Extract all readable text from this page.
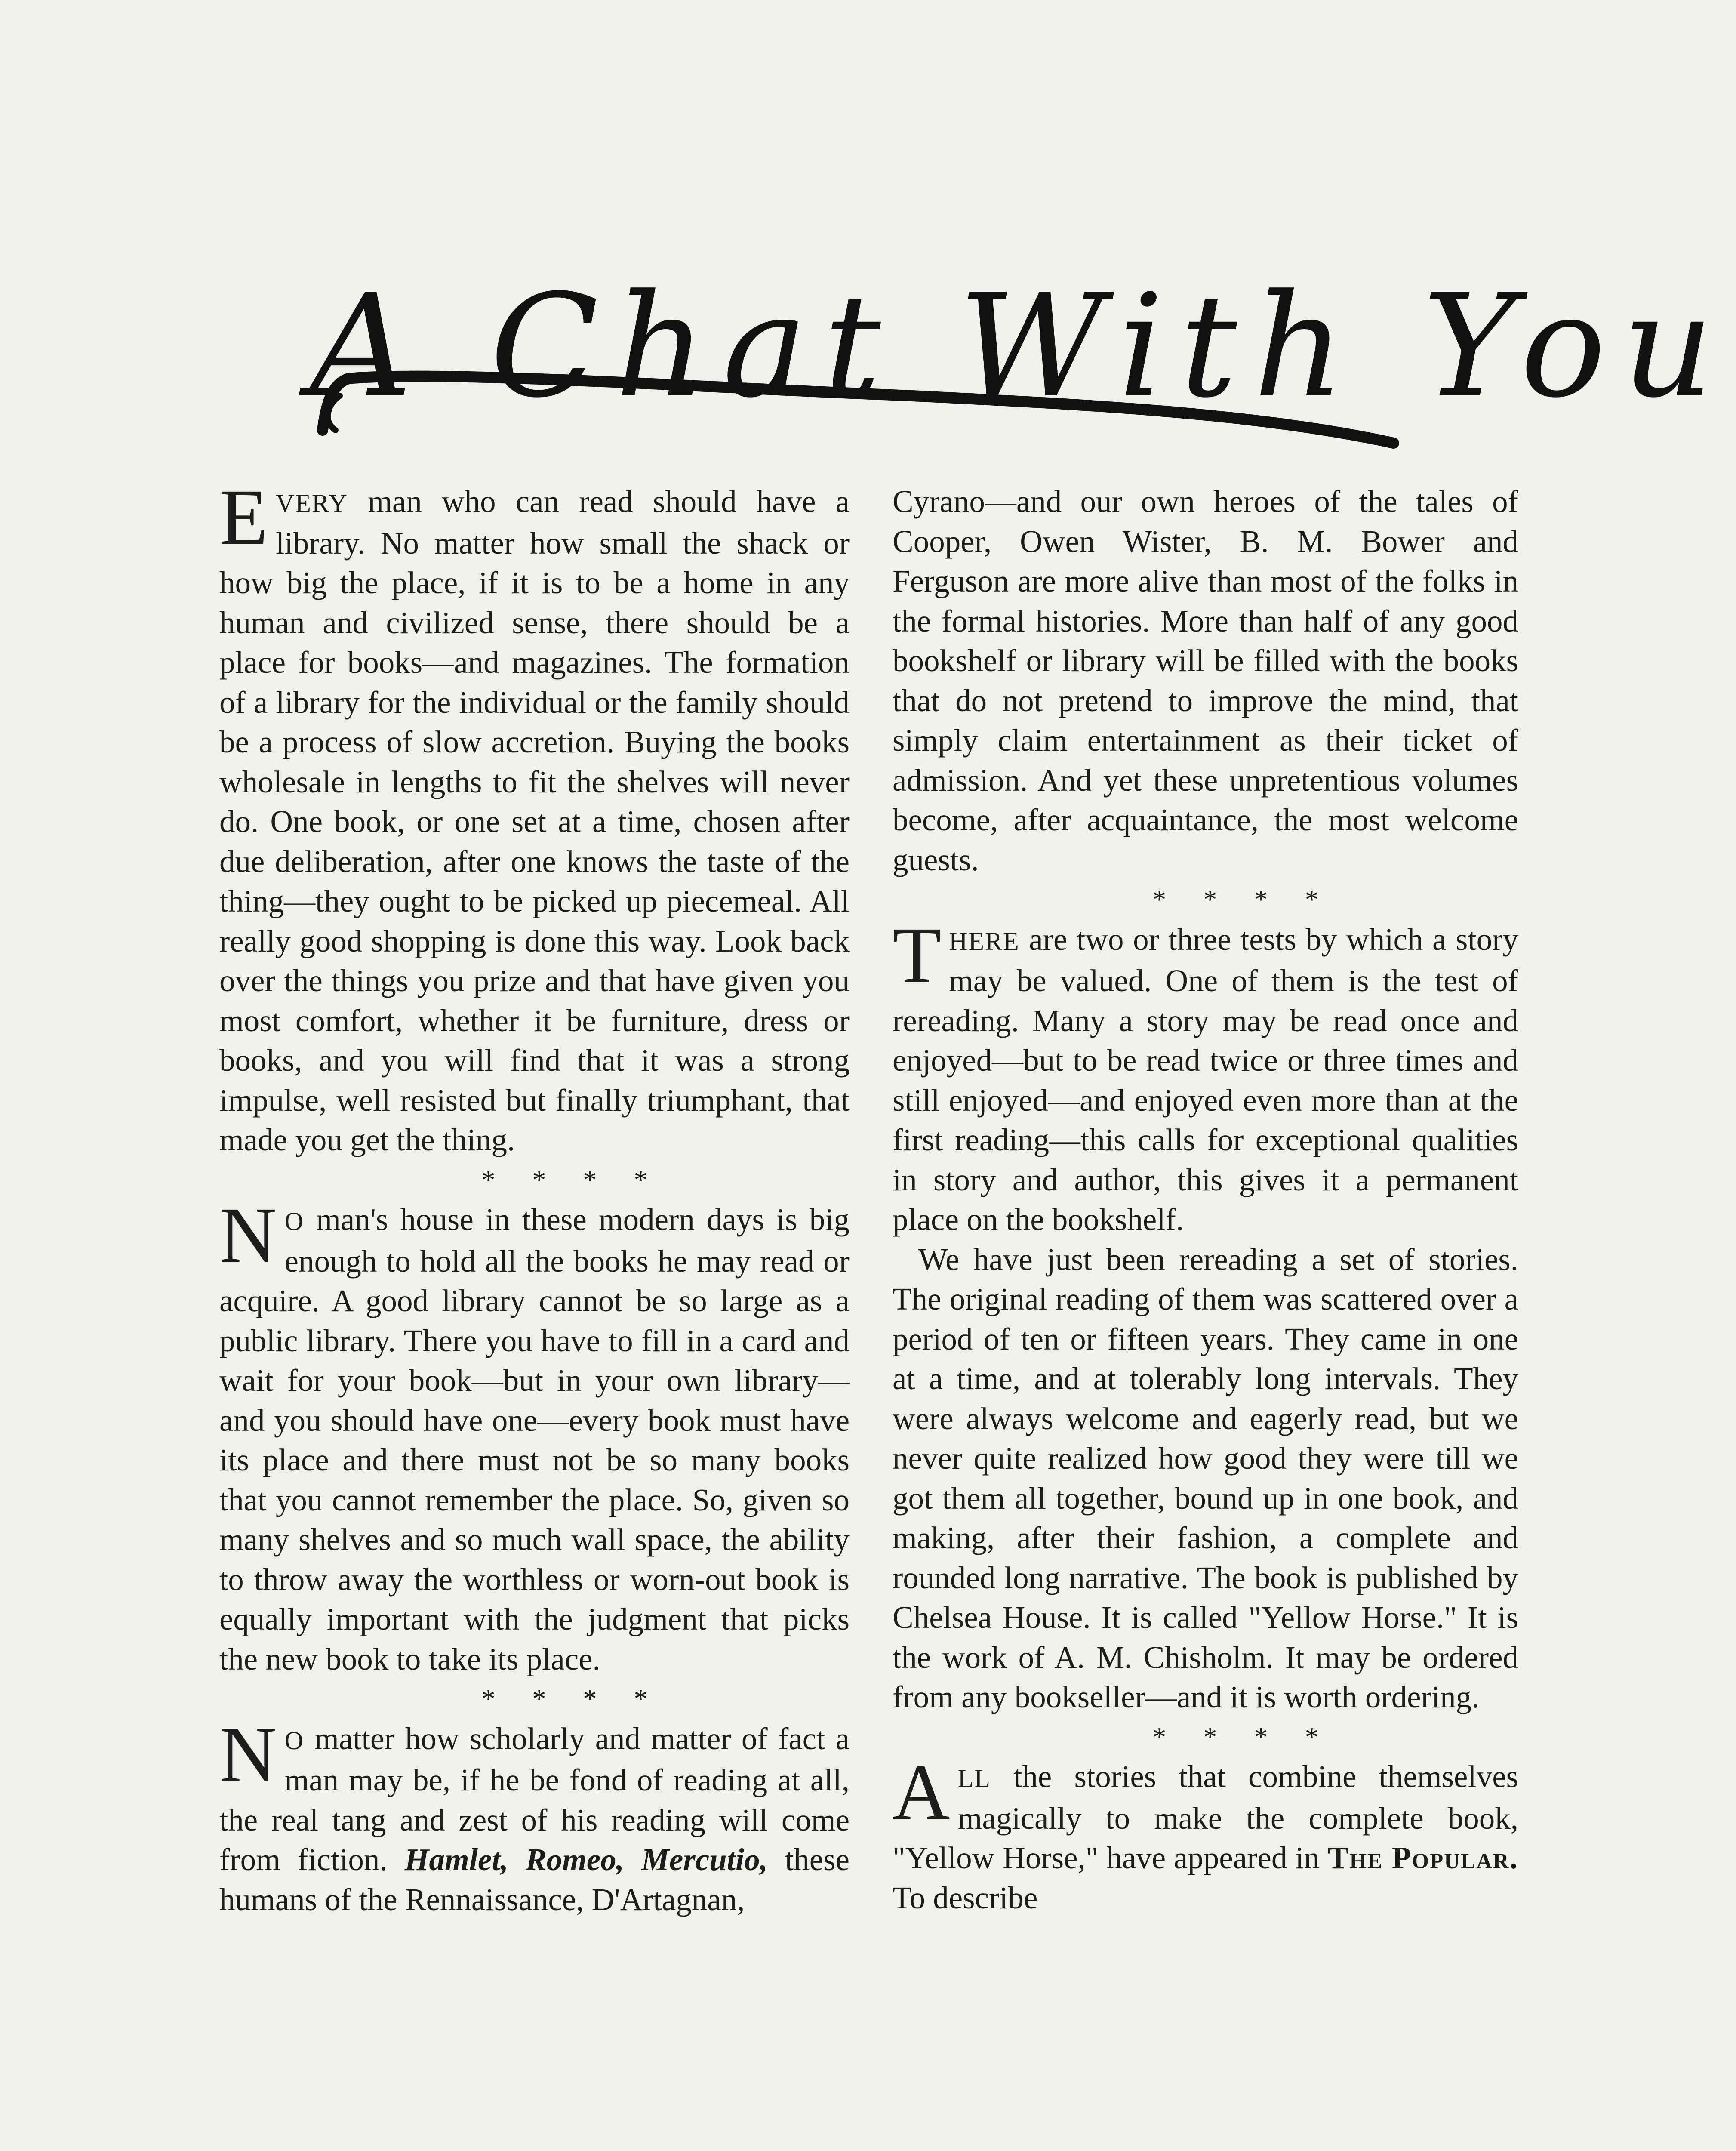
A Chat With You

EVERY man who can read should have a library. No matter how small the shack or how big the place, if it is to be a home in any human and civilized sense, there should be a place for books—and magazines. The formation of a library for the individual or the family should be a process of slow accretion. Buying the books wholesale in lengths to fit the shelves will never do. One book, or one set at a time, chosen after due deliberation, after one knows the taste of the thing—they ought to be picked up piecemeal. All really good shopping is done this way. Look back over the things you prize and that have given you most comfort, whether it be furniture, dress or books, and you will find that it was a strong impulse, well resisted but finally triumphant, that made you get the thing.

* * * *

N O man's house in these modern days is big enough to hold all the books he may read or acquire. A good library cannot be so large as a public library. There you have to fill in a card and wait for your book—but in your own library—and you should have one—every book must have its place and there must not be so many books that you cannot remember the place. So, given so many shelves and so much wall space, the ability to throw away the worthless or worn-out book is equally important with the judgment that picks the new book to take its place.

* * * *

N O matter how scholarly and matter of fact a man may be, if he be fond of reading at all, the real tang and zest of his reading will come from fiction. Hamlet, Romeo, Mercutio, these humans of the Rennaissance, D'Artagnan,

Cyrano—and our own heroes of the tales of Cooper, Owen Wister, B. M. Bower and Ferguson are more alive than most of the folks in the formal histories. More than half of any good bookshelf or library will be filled with the books that do not pretend to improve the mind, that simply claim entertainment as their ticket of admission. And yet these unpretentious volumes become, after acquaintance, the most welcome guests.

* * * *

THERE are two or three tests by which a story may be valued. One of them is the test of rereading. Many a story may be read once and enjoyed—but to be read twice or three times and still enjoyed—and enjoyed even more than at the first reading—this calls for exceptional qualities in story and author, this gives it a permanent place on the bookshelf.

We have just been rereading a set of stories. The original reading of them was scattered over a period of ten or fifteen years. They came in one at a time, and at tolerably long intervals. They were always welcome and eagerly read, but we never quite realized how good they were till we got them all together, bound up in one book, and making, after their fashion, a complete and rounded long narrative. The book is published by Chelsea House. It is called "Yellow Horse." It is the work of A. M. Chisholm. It may be ordered from any bookseller—and it is worth ordering.

* * * *

ALL the stories that combine themselves magically to make the complete book, "Yellow Horse," have appeared in The Popular. To describe
